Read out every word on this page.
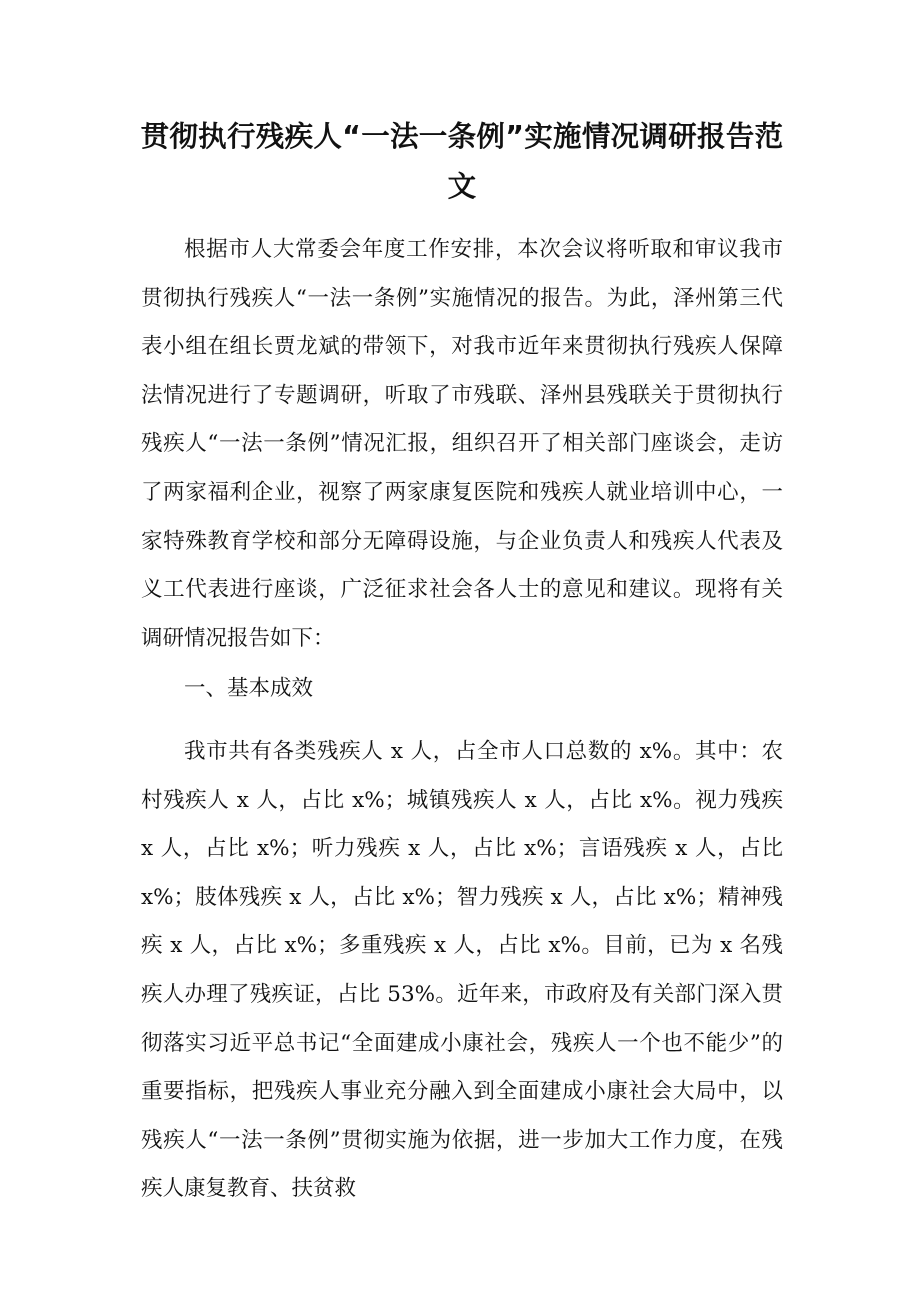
贯彻执行残疾人“一法一条例”实施情况调研报告范文

根据市人大常委会年度工作安排，本次会议将听取和审议我市贯彻执行残疾人“一法一条例”实施情况的报告。为此，泽州第三代表小组在组长贾龙斌的带领下，对我市近年来贯彻执行残疾人保障法情况进行了专题调研，听取了市残联、泽州县残联关于贯彻执行残疾人“一法一条例”情况汇报，组织召开了相关部门座谈会，走访了两家福利企业，视察了两家康复医院和残疾人就业培训中心，一家特殊教育学校和部分无障碍设施，与企业负责人和残疾人代表及义工代表进行座谈，广泛征求社会各人士的意见和建议。现将有关调研情况报告如下：

一、基本成效

我市共有各类残疾人 x 人，占全市人口总数的 x%。其中：农村残疾人 x 人，占比 x%；城镇残疾人 x 人，占比 x%。视力残疾 x 人，占比 x%；听力残疾 x 人，占比 x%；言语残疾 x 人，占比 x%；肢体残疾 x 人，占比 x%；智力残疾 x 人，占比 x%；精神残疾 x 人，占比 x%；多重残疾 x 人，占比 x%。目前，已为 x 名残疾人办理了残疾证，占比 53%。近年来，市政府及有关部门深入贯彻落实习近平总书记“全面建成小康社会，残疾人一个也不能少”的重要指标，把残疾人事业充分融入到全面建成小康社会大局中，以残疾人“一法一条例”贯彻实施为依据，进一步加大工作力度，在残疾人康复教育、扶贫救
